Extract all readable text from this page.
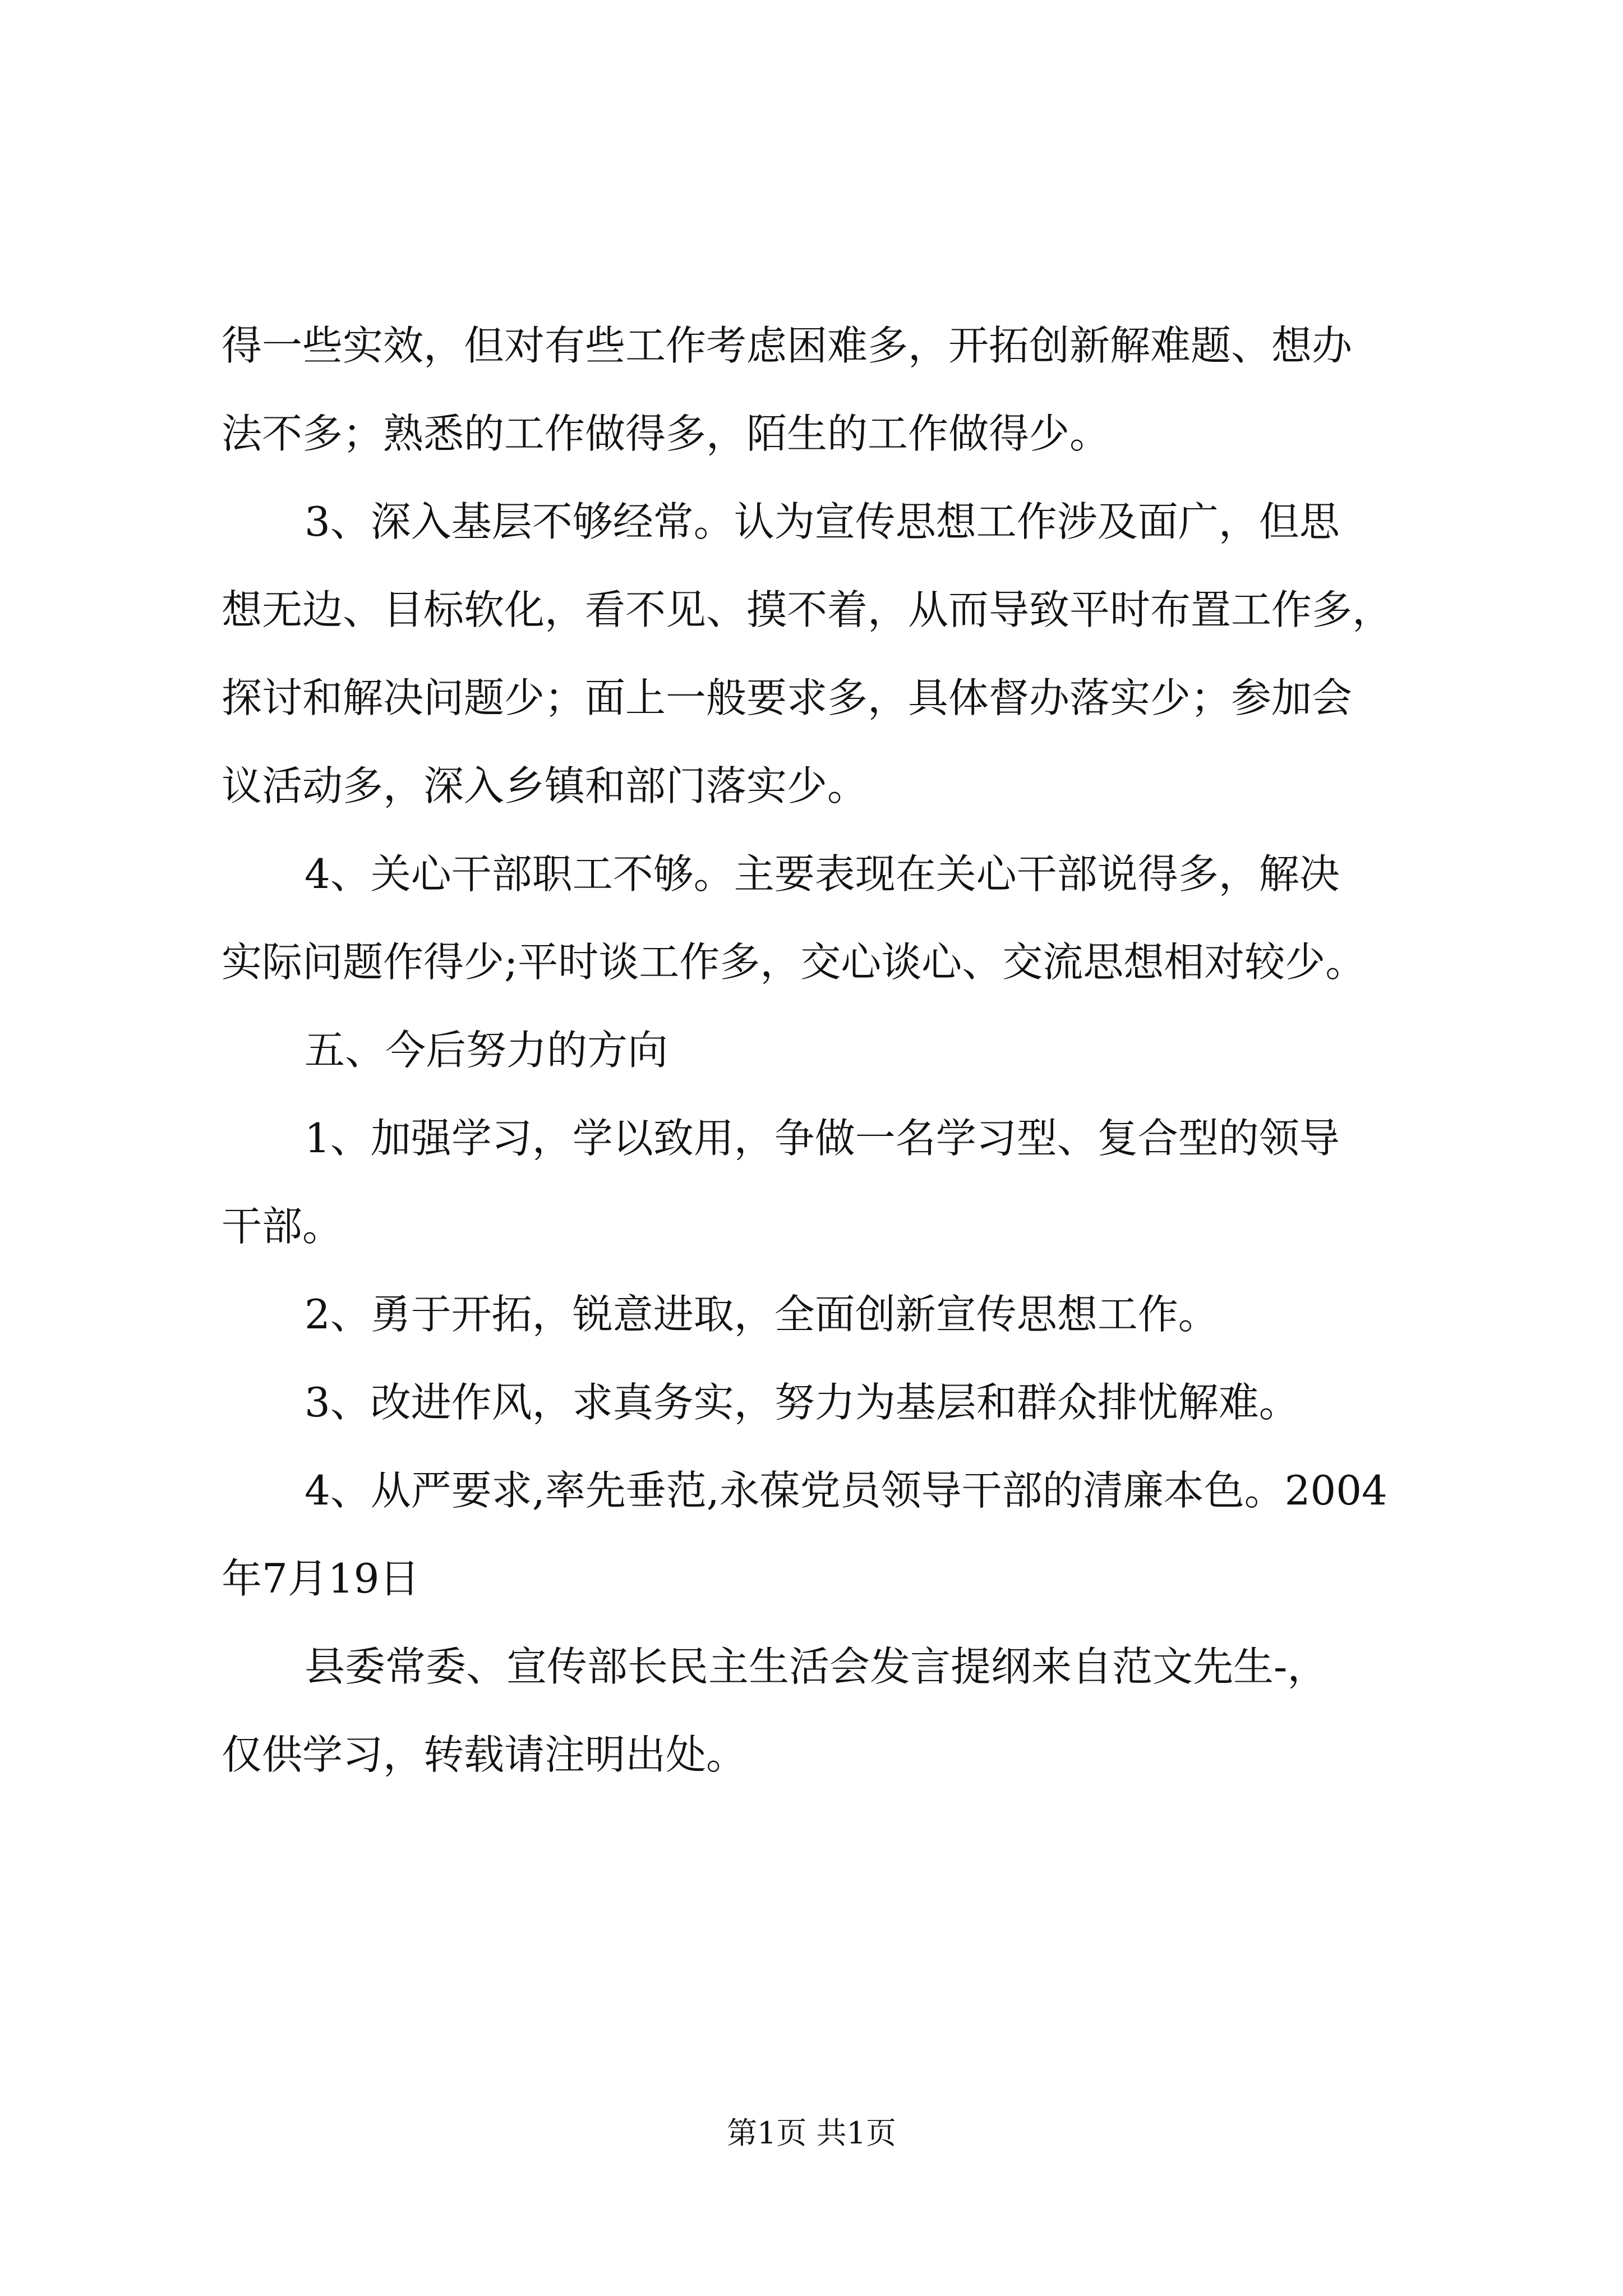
得一些实效，但对有些工作考虑困难多，开拓创新解难题、想办
法不多；熟悉的工作做得多，陌生的工作做得少。
3、深入基层不够经常。认为宣传思想工作涉及面广，但思
想无边、目标软化，看不见、摸不着，从而导致平时布置工作多，
探讨和解决问题少；面上一般要求多，具体督办落实少；参加会
议活动多，深入乡镇和部门落实少。
4、关心干部职工不够。主要表现在关心干部说得多，解决
实际问题作得少;平时谈工作多，交心谈心、交流思想相对较少。
五、今后努力的方向
1、加强学习，学以致用，争做一名学习型、复合型的领导
干部。
2、勇于开拓，锐意进取，全面创新宣传思想工作。
3、改进作风，求真务实，努力为基层和群众排忧解难。
4、从严要求,率先垂范,永葆党员领导干部的清廉本色。2004
年7月19日
县委常委、宣传部长民主生活会发言提纲来自范文先生-，
仅供学习，转载请注明出处。
第1页 共1页
